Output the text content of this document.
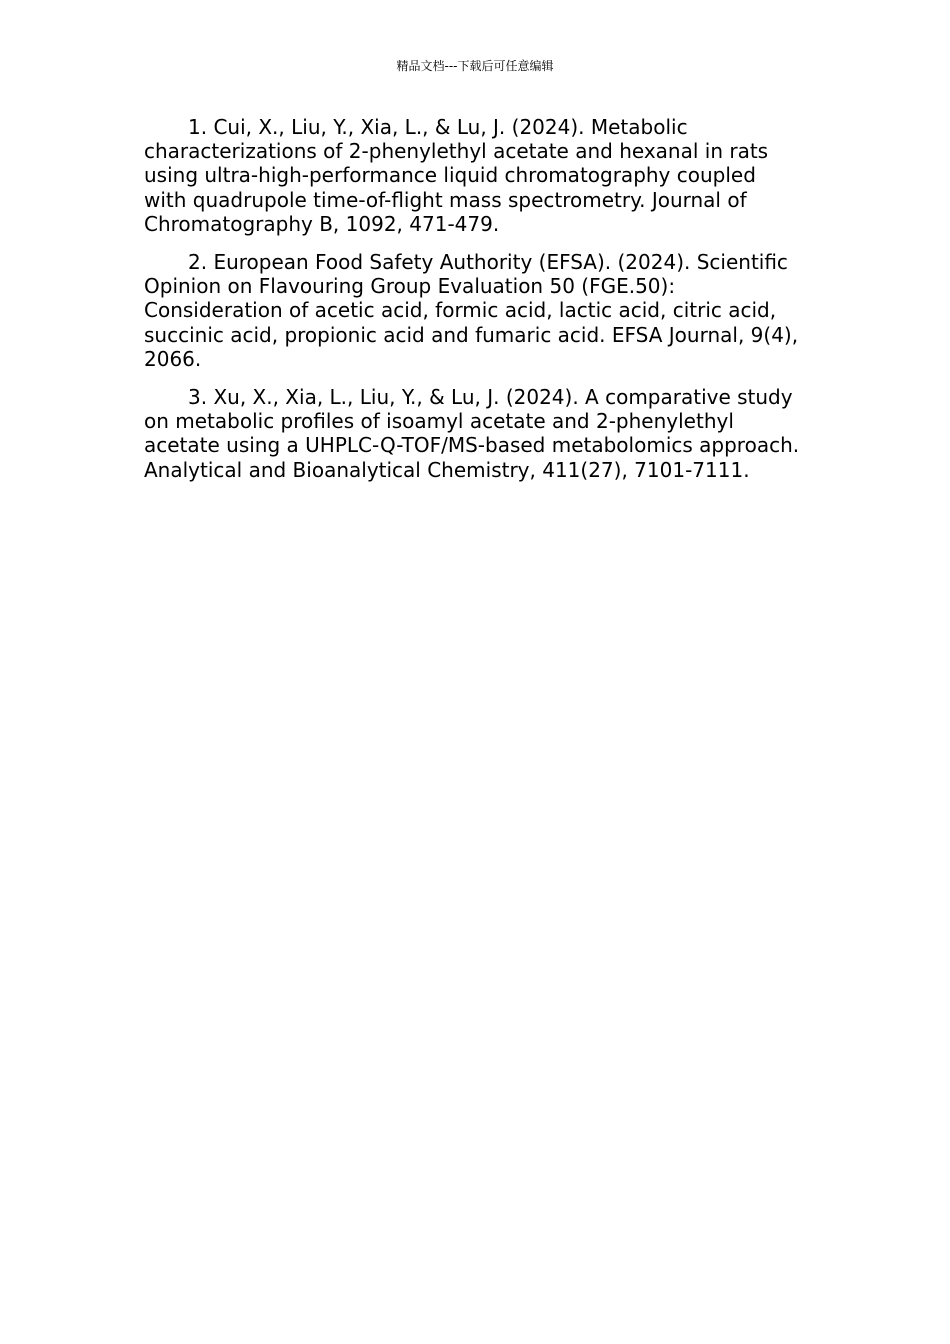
精品文档---下载后可任意编辑

1. Cui, X., Liu, Y., Xia, L., & Lu, J. (2024). Metabolic characterizations of 2-phenylethyl acetate and hexanal in rats using ultra-high-performance liquid chromatography coupled with quadrupole time-of-flight mass spectrometry. Journal of Chromatography B, 1092, 471-479.

2. European Food Safety Authority (EFSA). (2024). Scientific Opinion on Flavouring Group Evaluation 50 (FGE.50): Consideration of acetic acid, formic acid, lactic acid, citric acid, succinic acid, propionic acid and fumaric acid. EFSA Journal, 9(4), 2066.

3. Xu, X., Xia, L., Liu, Y., & Lu, J. (2024). A comparative study on metabolic profiles of isoamyl acetate and 2-phenylethyl acetate using a UHPLC-Q-TOF/MS-based metabolomics approach. Analytical and Bioanalytical Chemistry, 411(27), 7101-7111.
